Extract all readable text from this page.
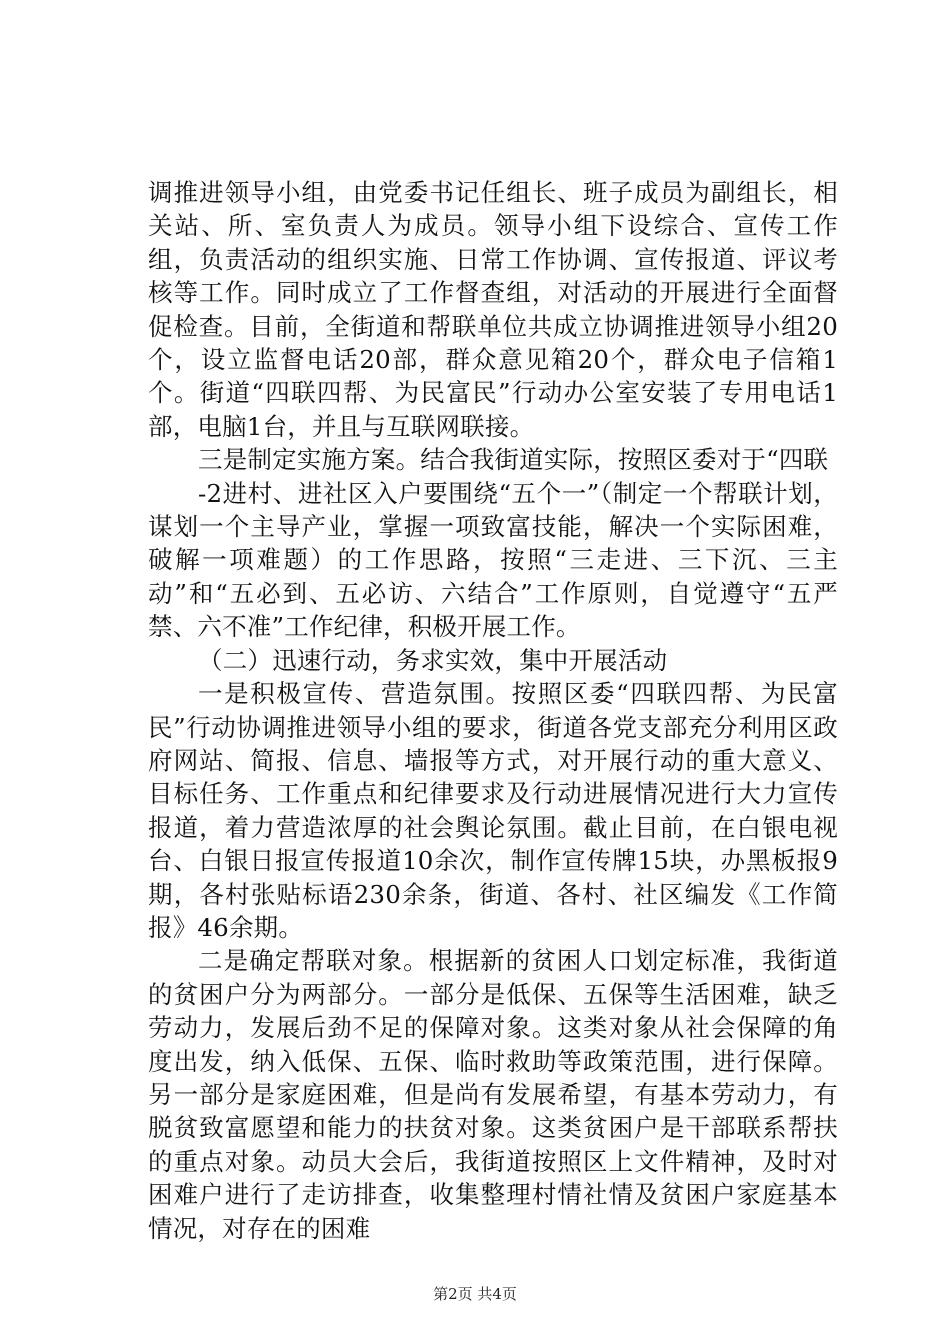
调推进领导小组，由党委书记任组长、班子成员为副组长，相关站、所、室负责人为成员。领导小组下设综合、宣传工作组，负责活动的组织实施、日常工作协调、宣传报道、评议考核等工作。同时成立了工作督查组，对活动的开展进行全面督促检查。目前，全街道和帮联单位共成立协调推进领导小组20个，设立监督电话20部，群众意见箱20个，群众电子信箱1个。街道“四联四帮、为民富民”行动办公室安装了专用电话1部，电脑1台，并且与互联网联接。

三是制定实施方案。结合我街道实际，按照区委对于“四联

-2进村、进社区入户要围绕“五个一”（制定一个帮联计划，谋划一个主导产业，掌握一项致富技能，解决一个实际困难，破解一项难题）的工作思路，按照“三走进、三下沉、三主动”和“五必到、五必访、六结合”工作原则，自觉遵守“五严禁、六不准”工作纪律，积极开展工作。

（二）迅速行动，务求实效，集中开展活动

一是积极宣传、营造氛围。按照区委“四联四帮、为民富民”行动协调推进领导小组的要求，街道各党支部充分利用区政府网站、简报、信息、墙报等方式，对开展行动的重大意义、目标任务、工作重点和纪律要求及行动进展情况进行大力宣传报道，着力营造浓厚的社会舆论氛围。截止目前，在白银电视台、白银日报宣传报道10余次，制作宣传牌15块，办黑板报9期，各村张贴标语230余条，街道、各村、社区编发《工作简报》46余期。

二是确定帮联对象。根据新的贫困人口划定标准，我街道的贫困户分为两部分。一部分是低保、五保等生活困难，缺乏劳动力，发展后劲不足的保障对象。这类对象从社会保障的角度出发，纳入低保、五保、临时救助等政策范围，进行保障。另一部分是家庭困难，但是尚有发展希望，有基本劳动力，有脱贫致富愿望和能力的扶贫对象。这类贫困户是干部联系帮扶的重点对象。动员大会后，我街道按照区上文件精神，及时对困难户进行了走访排查，收集整理村情社情及贫困户家庭基本情况，对存在的困难

第2页 共4页
